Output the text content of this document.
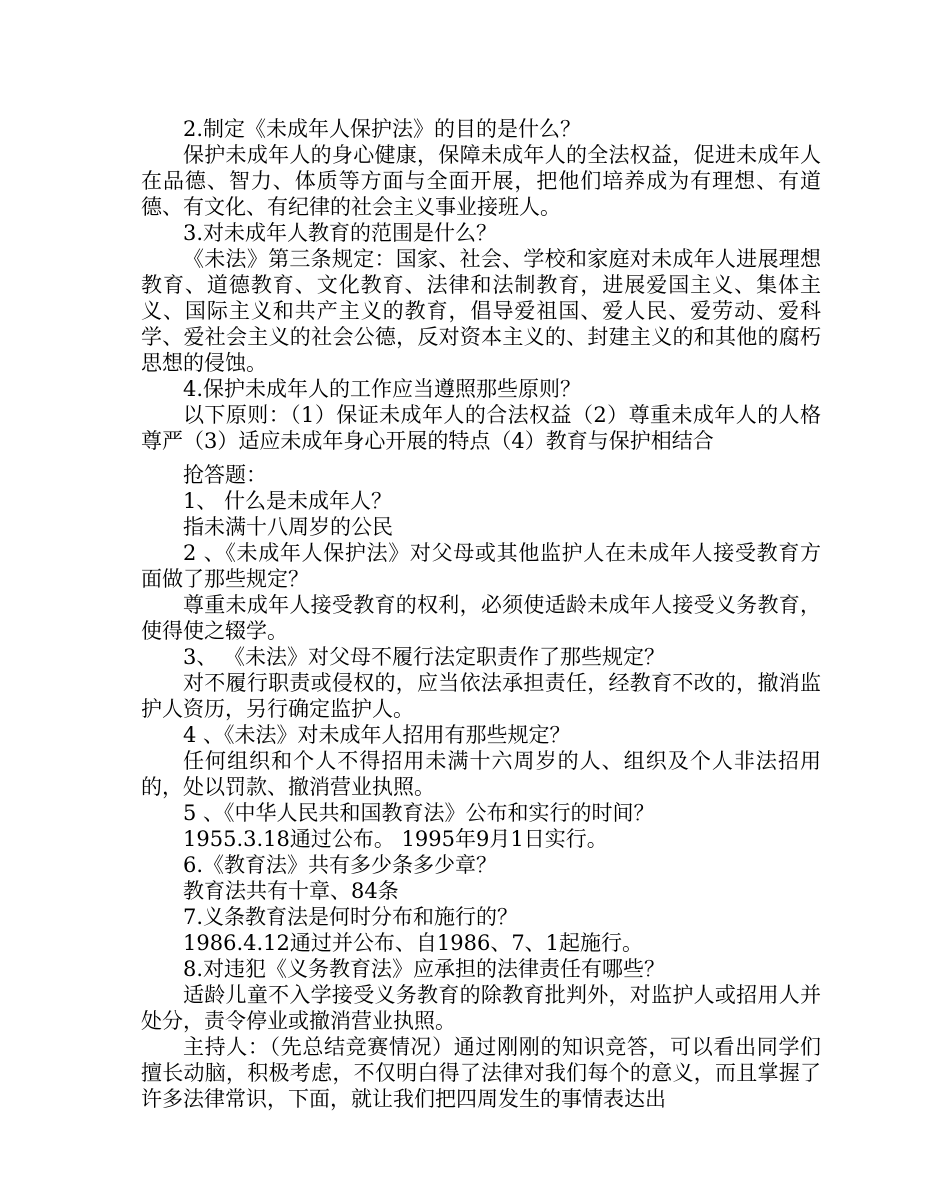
2.制定《未成年人保护法》的目的是什么？

保护未成年人的身心健康，保障未成年人的全法权益，促进未成年人在品德、智力、体质等方面与全面开展，把他们培养成为有理想、有道德、有文化、有纪律的社会主义事业接班人。

3.对未成年人教育的范围是什么？

《未法》第三条规定：国家、社会、学校和家庭对未成年人进展理想教育、道德教育、文化教育、法律和法制教育，进展爱国主义、集体主义、国际主义和共产主义的教育，倡导爱祖国、爱人民、爱劳动、爱科学、爱社会主义的社会公德，反对资本主义的、封建主义的和其他的腐朽思想的侵蚀。

4.保护未成年人的工作应当遵照那些原则？

以下原则：（1）保证未成年人的合法权益（2）尊重未成年人的人格尊严（3）适应未成年身心开展的特点（4）教育与保护相结合

抢答题：

1、 什么是未成年人？

指未满十八周岁的公民

2 、《未成年人保护法》对父母或其他监护人在未成年人接受教育方面做了那些规定？

尊重未成年人接受教育的权利，必须使适龄未成年人接受义务教育，使得使之辍学。

3、 《未法》对父母不履行法定职责作了那些规定？

对不履行职责或侵权的，应当依法承担责任，经教育不改的，撤消监护人资历，另行确定监护人。

4 、《未法》对未成年人招用有那些规定？

任何组织和个人不得招用未满十六周岁的人、组织及个人非法招用的，处以罚款、撤消营业执照。

5 、《中华人民共和国教育法》公布和实行的时间？

1955.3.18通过公布。 1995年9月1日实行。

6.《教育法》共有多少条多少章？

教育法共有十章、84条

7.义条教育法是何时分布和施行的？

1986.4.12通过并公布、自1986、7、1起施行。

8.对违犯《义务教育法》应承担的法律责任有哪些？

适龄儿童不入学接受义务教育的除教育批判外，对监护人或招用人并处分，责令停业或撤消营业执照。

主持人：（先总结竞赛情况）通过刚刚的知识竞答，可以看出同学们擅长动脑，积极考虑，不仅明白得了法律对我们每个的意义，而且掌握了许多法律常识，下面，就让我们把四周发生的事情表达出
